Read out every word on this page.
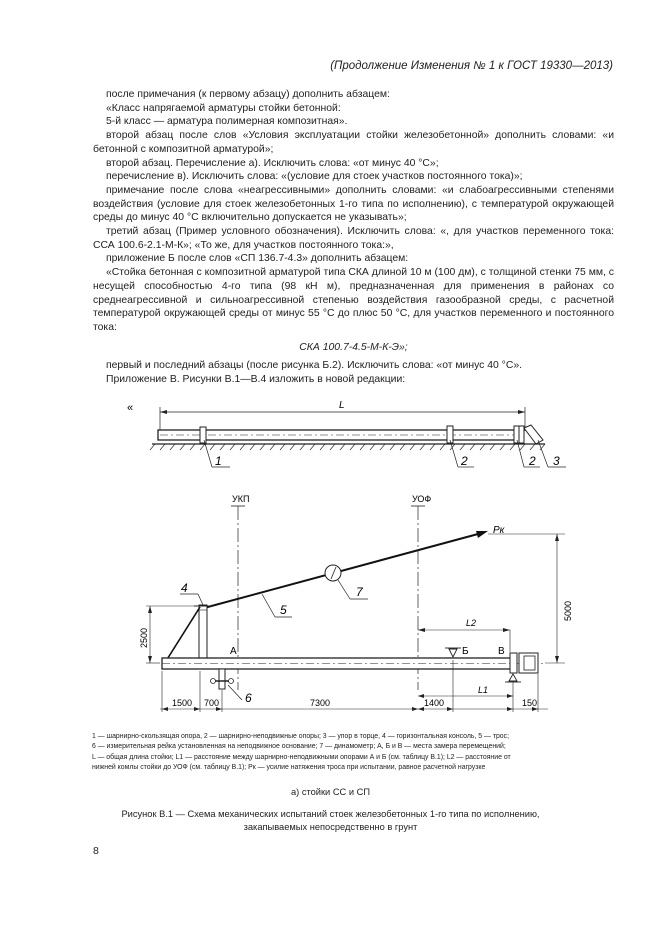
(Продолжение Изменения № 1 к ГОСТ 19330—2013)

после примечания (к первому абзацу) дополнить абзацем:

«Класс напрягаемой арматуры стойки бетонной:

5-й класс — арматура полимерная композитная».

второй абзац после слов «Условия эксплуатации стойки железобетонной» дополнить словами: «и бетонной с композитной арматурой»;

второй абзац. Перечисление а). Исключить слова: «от минус 40 °С»;

перечисление в). Исключить слова: «(условие для стоек участков постоянного тока)»;

примечание после слова «неагрессивными» дополнить словами: «и слабоагрессивными степенями воздействия (условие для стоек железобетонных 1-го типа по исполнению), с температурой окружающей среды до минус 40 °С включительно допускается не указывать»;

третий абзац (Пример условного обозначения). Исключить слова: «, для участков переменного тока: ССА 100.6-2.1-М-К»; «То же, для участков постоянного тока:»,

приложение Б после слов «СП 136.7-4.3» дополнить абзацем:

«Стойка бетонная с композитной арматурой типа СКА длиной 10 м (100 дм), с толщиной стенки 75 мм, с несущей способностью 4-го типа (98 кН м), предназначенная для применения в районах со среднеагрессивной и сильноагрессивной степенью воздействия газообразной среды, с расчетной температурой окружающей среды от минус 55 °С до плюс 50 °С, для участков переменного и постоянного тока:

СКА 100.7-4.5-М-К-Э»;

первый и последний абзацы (после рисунка Б.2). Исключить слова: «от минус 40 °С».

Приложение В. Рисунки В.1—В.4 изложить в новой редакции:

«	L
1	2	2 3
УКП	УОФ
Pк
4
5
7
А	Б	В
6
2500
5000
L2
1500 700	7300	1400	150
L1
1 — шарнирно-скользящая опора, 2 — шарнирно-неподвижные опоры; 3 — упор в торце, 4 — горизонтальная консоль, 5 — трос;
6 — измерительная рейка установленная на неподвижное основание; 7 — динамометр; А, Б и В — места замера перемещений;
L — общая длина стойки; L1 — расстояние между шарнирно-неподвижными опорами А и Б (см. таблицу В.1); L2 — расстояние от
нижней комлы стойки до УОФ (см. таблицу В.1); Pк — усилие натяжения троса при испытании, равное расчетной нагрузке
а) стойки СС и СП
Рисунок В.1 — Схема механических испытаний стоек железобетонных 1-го типа по исполнению,
закапываемых непосредственно в грунт
8
